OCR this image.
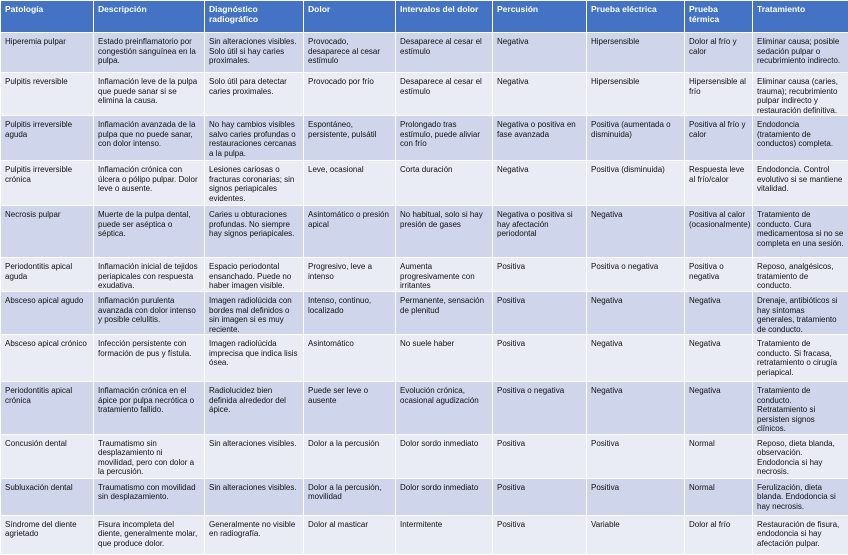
Patología	Descripción	Diagnóstico radiográfico	Dolor	Intervalos del dolor	Percusión	Prueba eléctrica	Prueba térmica	Tratamiento
Hiperemia pulpar	Estado preinflamatorio por congestión sanguínea en la pulpa.	Sin alteraciones visibles. Solo útil si hay caries proximales.	Provocado, desaparece al cesar estímulo	Desaparece al cesar el estímulo	Negativa	Hipersensible	Dolor al frío y calor	Eliminar causa; posible sedación pulpar o recubrimiento indirecto.
Pulpitis reversible	Inflamación leve de la pulpa que puede sanar si se elimina la causa.	Solo útil para detectar caries proximales.	Provocado por frío	Desaparece al cesar el estímulo	Negativa	Hipersensible	Hipersensible al frío	Eliminar causa (caries, trauma); recubrimiento pulpar indirecto y restauración definitiva.
Pulpitis irreversible aguda	Inflamación avanzada de la pulpa que no puede sanar, con dolor intenso.	No hay cambios visibles salvo caries profundas o restauraciones cercanas a la pulpa.	Espontáneo, persistente, pulsátil	Prolongado tras estímulo, puede aliviar con frío	Negativa o positiva en fase avanzada	Positiva (aumentada o disminuida)	Positiva al frío y calor	Endodoncia (tratamiento de conductos) completa.
Pulpitis irreversible crónica	Inflamación crónica con úlcera o pólipo pulpar. Dolor leve o ausente.	Lesiones cariosas o fracturas coronarias; sin signos periapicales evidentes.	Leve, ocasional	Corta duración	Negativa	Positiva (disminuida)	Respuesta leve al frío/calor	Endodoncia. Control evolutivo si se mantiene vitalidad.
Necrosis pulpar	Muerte de la pulpa dental, puede ser aséptica o séptica.	Caries u obturaciones profundas. No siempre hay signos periapicales.	Asintomático o presión apical	No habitual, solo si hay presión de gases	Negativa o positiva si hay afectación periodontal	Negativa	Positiva al calor (ocasionalmente)	Tratamiento de conducto. Cura medicamentosa si no se completa en una sesión.
Periodontitis apical aguda	Inflamación inicial de tejidos periapicales con respuesta exudativa.	Espacio periodontal ensanchado. Puede no haber imagen visible.	Progresivo, leve a intenso	Aumenta progresivamente con irritantes	Positiva	Positiva o negativa	Positiva o negativa	Reposo, analgésicos, tratamiento de conducto.
Absceso apical agudo	Inflamación purulenta avanzada con dolor intenso y posible celulitis.	Imagen radiolúcida con bordes mal definidos o sin imagen si es muy reciente.	Intenso, continuo, localizado	Permanente, sensación de plenitud	Positiva	Negativa	Negativa	Drenaje, antibióticos si hay síntomas generales, tratamiento de conducto.
Absceso apical crónico	Infección persistente con formación de pus y fístula.	Imagen radiolúcida imprecisa que indica lisis ósea.	Asintomático	No suele haber	Positiva	Negativa	Negativa	Tratamiento de conducto. Si fracasa, retratamiento o cirugía periapical.
Periodontitis apical crónica	Inflamación crónica en el ápice por pulpa necrótica o tratamiento fallido.	Radiolucidez bien definida alrededor del ápice.	Puede ser leve o ausente	Evolución crónica, ocasional agudización	Positiva o negativa	Negativa	Negativa	Tratamiento de conducto. Retratamiento si persisten signos clínicos.
Concusión dental	Traumatismo sin desplazamiento ni movilidad, pero con dolor a la percusión.	Sin alteraciones visibles.	Dolor a la percusión	Dolor sordo inmediato	Positiva	Positiva	Normal	Reposo, dieta blanda, observación. Endodoncia si hay necrosis.
Subluxación dental	Traumatismo con movilidad sin desplazamiento.	Sin alteraciones visibles.	Dolor a la percusión, movilidad	Dolor sordo inmediato	Positiva	Positiva	Normal	Ferulización, dieta blanda. Endodoncia si hay necrosis.
Síndrome del diente agrietado	Fisura incompleta del diente, generalmente molar, que produce dolor.	Generalmente no visible en radiografía.	Dolor al masticar	Intermitente	Positiva	Variable	Dolor al frío	Restauración de fisura, endodoncia si hay afectación pulpar.
